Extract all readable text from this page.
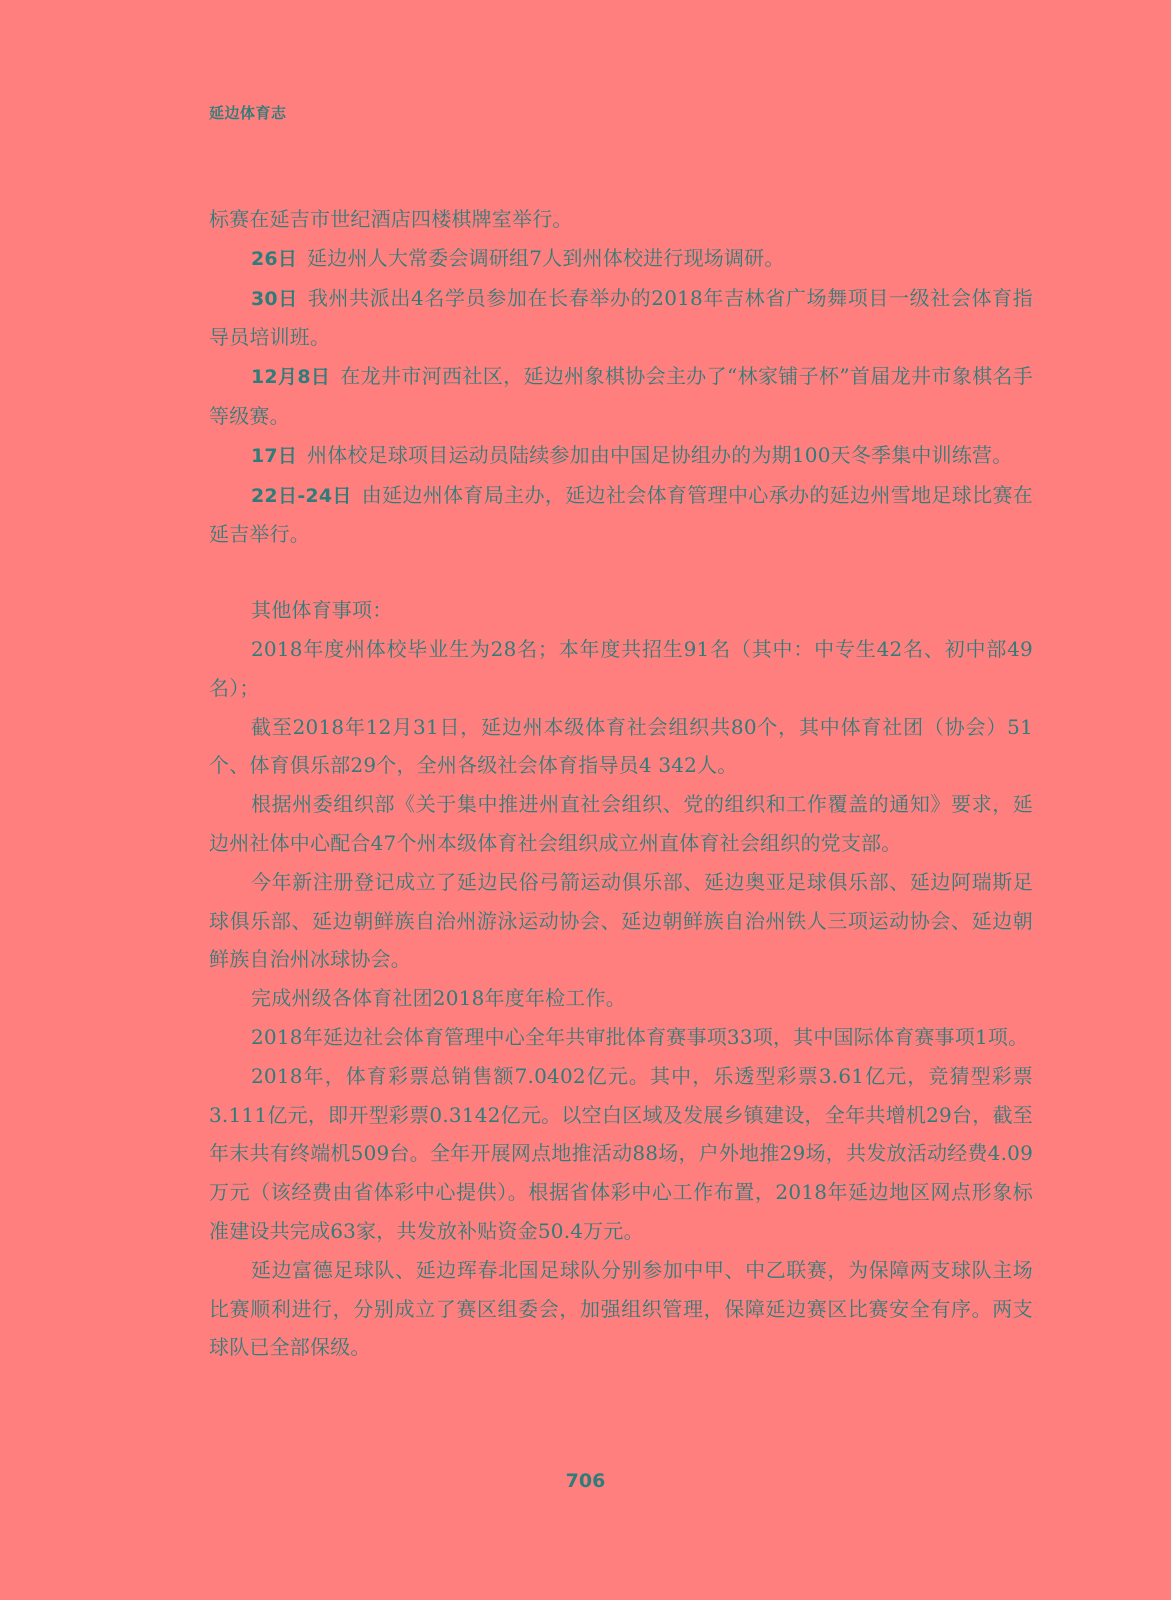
延边体育志

标赛在延吉市世纪酒店四楼棋牌室举行。

26日 延边州人大常委会调研组7人到州体校进行现场调研。

30日 我州共派出4名学员参加在长春举办的2018年吉林省广场舞项目一级社会体育指导员培训班。

12月8日 在龙井市河西社区，延边州象棋协会主办了“林家铺子杯”首届龙井市象棋名手等级赛。

17日 州体校足球项目运动员陆续参加由中国足协组办的为期100天冬季集中训练营。

22日-24日 由延边州体育局主办，延边社会体育管理中心承办的延边州雪地足球比赛在延吉举行。

其他体育事项：

2018年度州体校毕业生为28名；本年度共招生91名（其中：中专生42名、初中部49名）；

截至2018年12月31日，延边州本级体育社会组织共80个，其中体育社团（协会）51个、体育俱乐部29个，全州各级社会体育指导员4 342人。

根据州委组织部《关于集中推进州直社会组织、党的组织和工作覆盖的通知》要求，延边州社体中心配合47个州本级体育社会组织成立州直体育社会组织的党支部。

今年新注册登记成立了延边民俗弓箭运动俱乐部、延边奥亚足球俱乐部、延边阿瑞斯足球俱乐部、延边朝鲜族自治州游泳运动协会、延边朝鲜族自治州铁人三项运动协会、延边朝鲜族自治州冰球协会。

完成州级各体育社团2018年度年检工作。

2018年延边社会体育管理中心全年共审批体育赛事项33项，其中国际体育赛事项1项。

2018年，体育彩票总销售额7.0402亿元。其中，乐透型彩票3.61亿元，竞猜型彩票3.111亿元，即开型彩票0.3142亿元。以空白区域及发展乡镇建设，全年共增机29台，截至年末共有终端机509台。全年开展网点地推活动88场，户外地推29场，共发放活动经费4.09万元（该经费由省体彩中心提供）。根据省体彩中心工作布置，2018年延边地区网点形象标准建设共完成63家，共发放补贴资金50.4万元。

延边富德足球队、延边珲春北国足球队分别参加中甲、中乙联赛，为保障两支球队主场比赛顺利进行，分别成立了赛区组委会，加强组织管理，保障延边赛区比赛安全有序。两支球队已全部保级。

706
